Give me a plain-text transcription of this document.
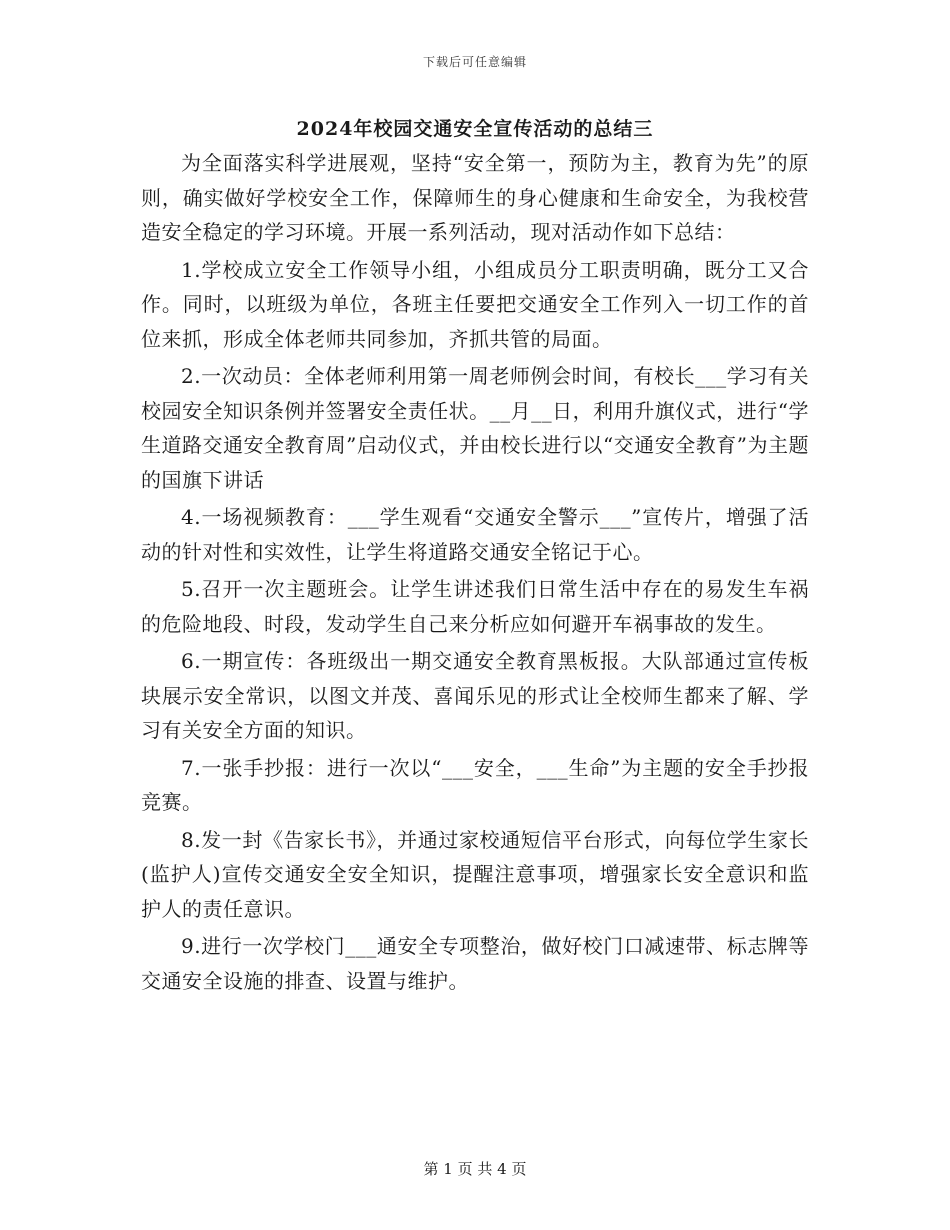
下载后可任意编辑
2024年校园交通安全宣传活动的总结三

为全面落实科学进展观，坚持“安全第一，预防为主，教育为先”的原则，确实做好学校安全工作，保障师生的身心健康和生命安全，为我校营造安全稳定的学习环境。开展一系列活动，现对活动作如下总结：

1.学校成立安全工作领导小组，小组成员分工职责明确，既分工又合作。同时，以班级为单位，各班主任要把交通安全工作列入一切工作的首位来抓，形成全体老师共同参加，齐抓共管的局面。

2.一次动员：全体老师利用第一周老师例会时间，有校长___学习有关校园安全知识条例并签署安全责任状。__月__日，利用升旗仪式，进行“学生道路交通安全教育周”启动仪式，并由校长进行以“交通安全教育”为主题的国旗下讲话

4.一场视频教育：___学生观看“交通安全警示___”宣传片，增强了活动的针对性和实效性，让学生将道路交通安全铭记于心。

5.召开一次主题班会。让学生讲述我们日常生活中存在的易发生车祸的危险地段、时段，发动学生自己来分析应如何避开车祸事故的发生。

6.一期宣传：各班级出一期交通安全教育黑板报。大队部通过宣传板块展示安全常识，以图文并茂、喜闻乐见的形式让全校师生都来了解、学习有关安全方面的知识。

7.一张手抄报：进行一次以“___安全，___生命”为主题的安全手抄报竞赛。

8.发一封《告家长书》，并通过家校通短信平台形式，向每位学生家长(监护人)宣传交通安全安全知识，提醒注意事项，增强家长安全意识和监护人的责任意识。

9.进行一次学校门___通安全专项整治，做好校门口减速带、标志牌等交通安全设施的排查、设置与维护。

第 1 页 共 4 页
